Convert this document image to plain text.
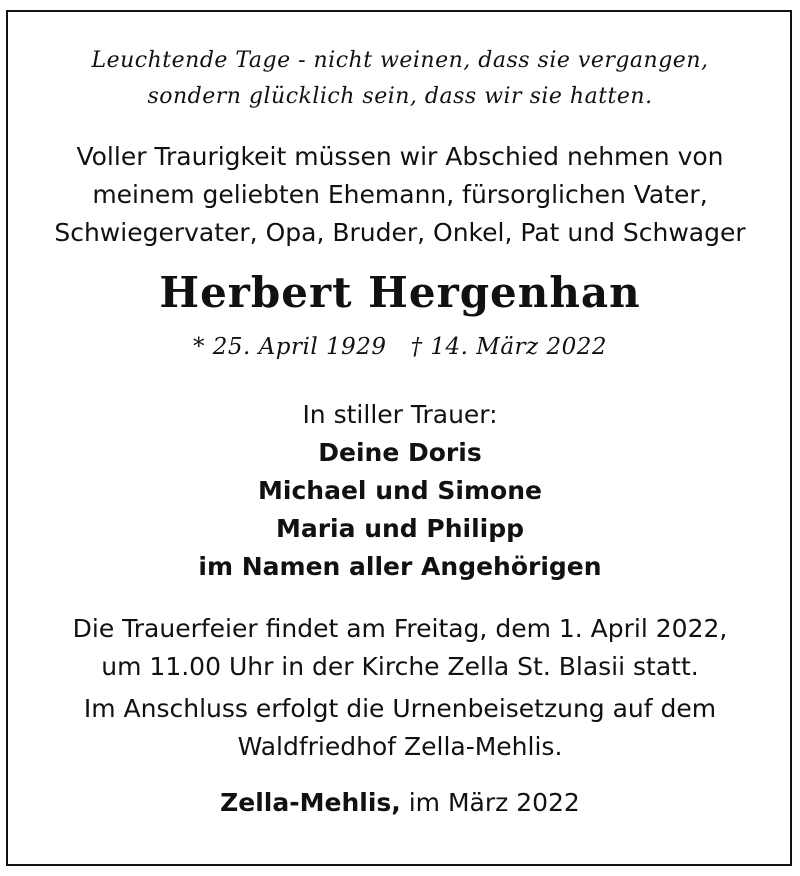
Leuchtende Tage - nicht weinen, dass sie vergangen,
sondern glücklich sein, dass wir sie hatten.
Voller Traurigkeit müssen wir Abschied nehmen von
meinem geliebten Ehemann, fürsorglichen Vater,
Schwiegervater, Opa, Bruder, Onkel, Pat und Schwager
Herbert Hergenhan
* 25. April 1929 † 14. März 2022
In stiller Trauer:
Deine Doris
Michael und Simone
Maria und Philipp
im Namen aller Angehörigen
Die Trauerfeier findet am Freitag, dem 1. April 2022,
um 11.00 Uhr in der Kirche Zella St. Blasii statt.
Im Anschluss erfolgt die Urnenbeisetzung auf dem
Waldfriedhof Zella-Mehlis.
Zella-Mehlis, im März 2022
